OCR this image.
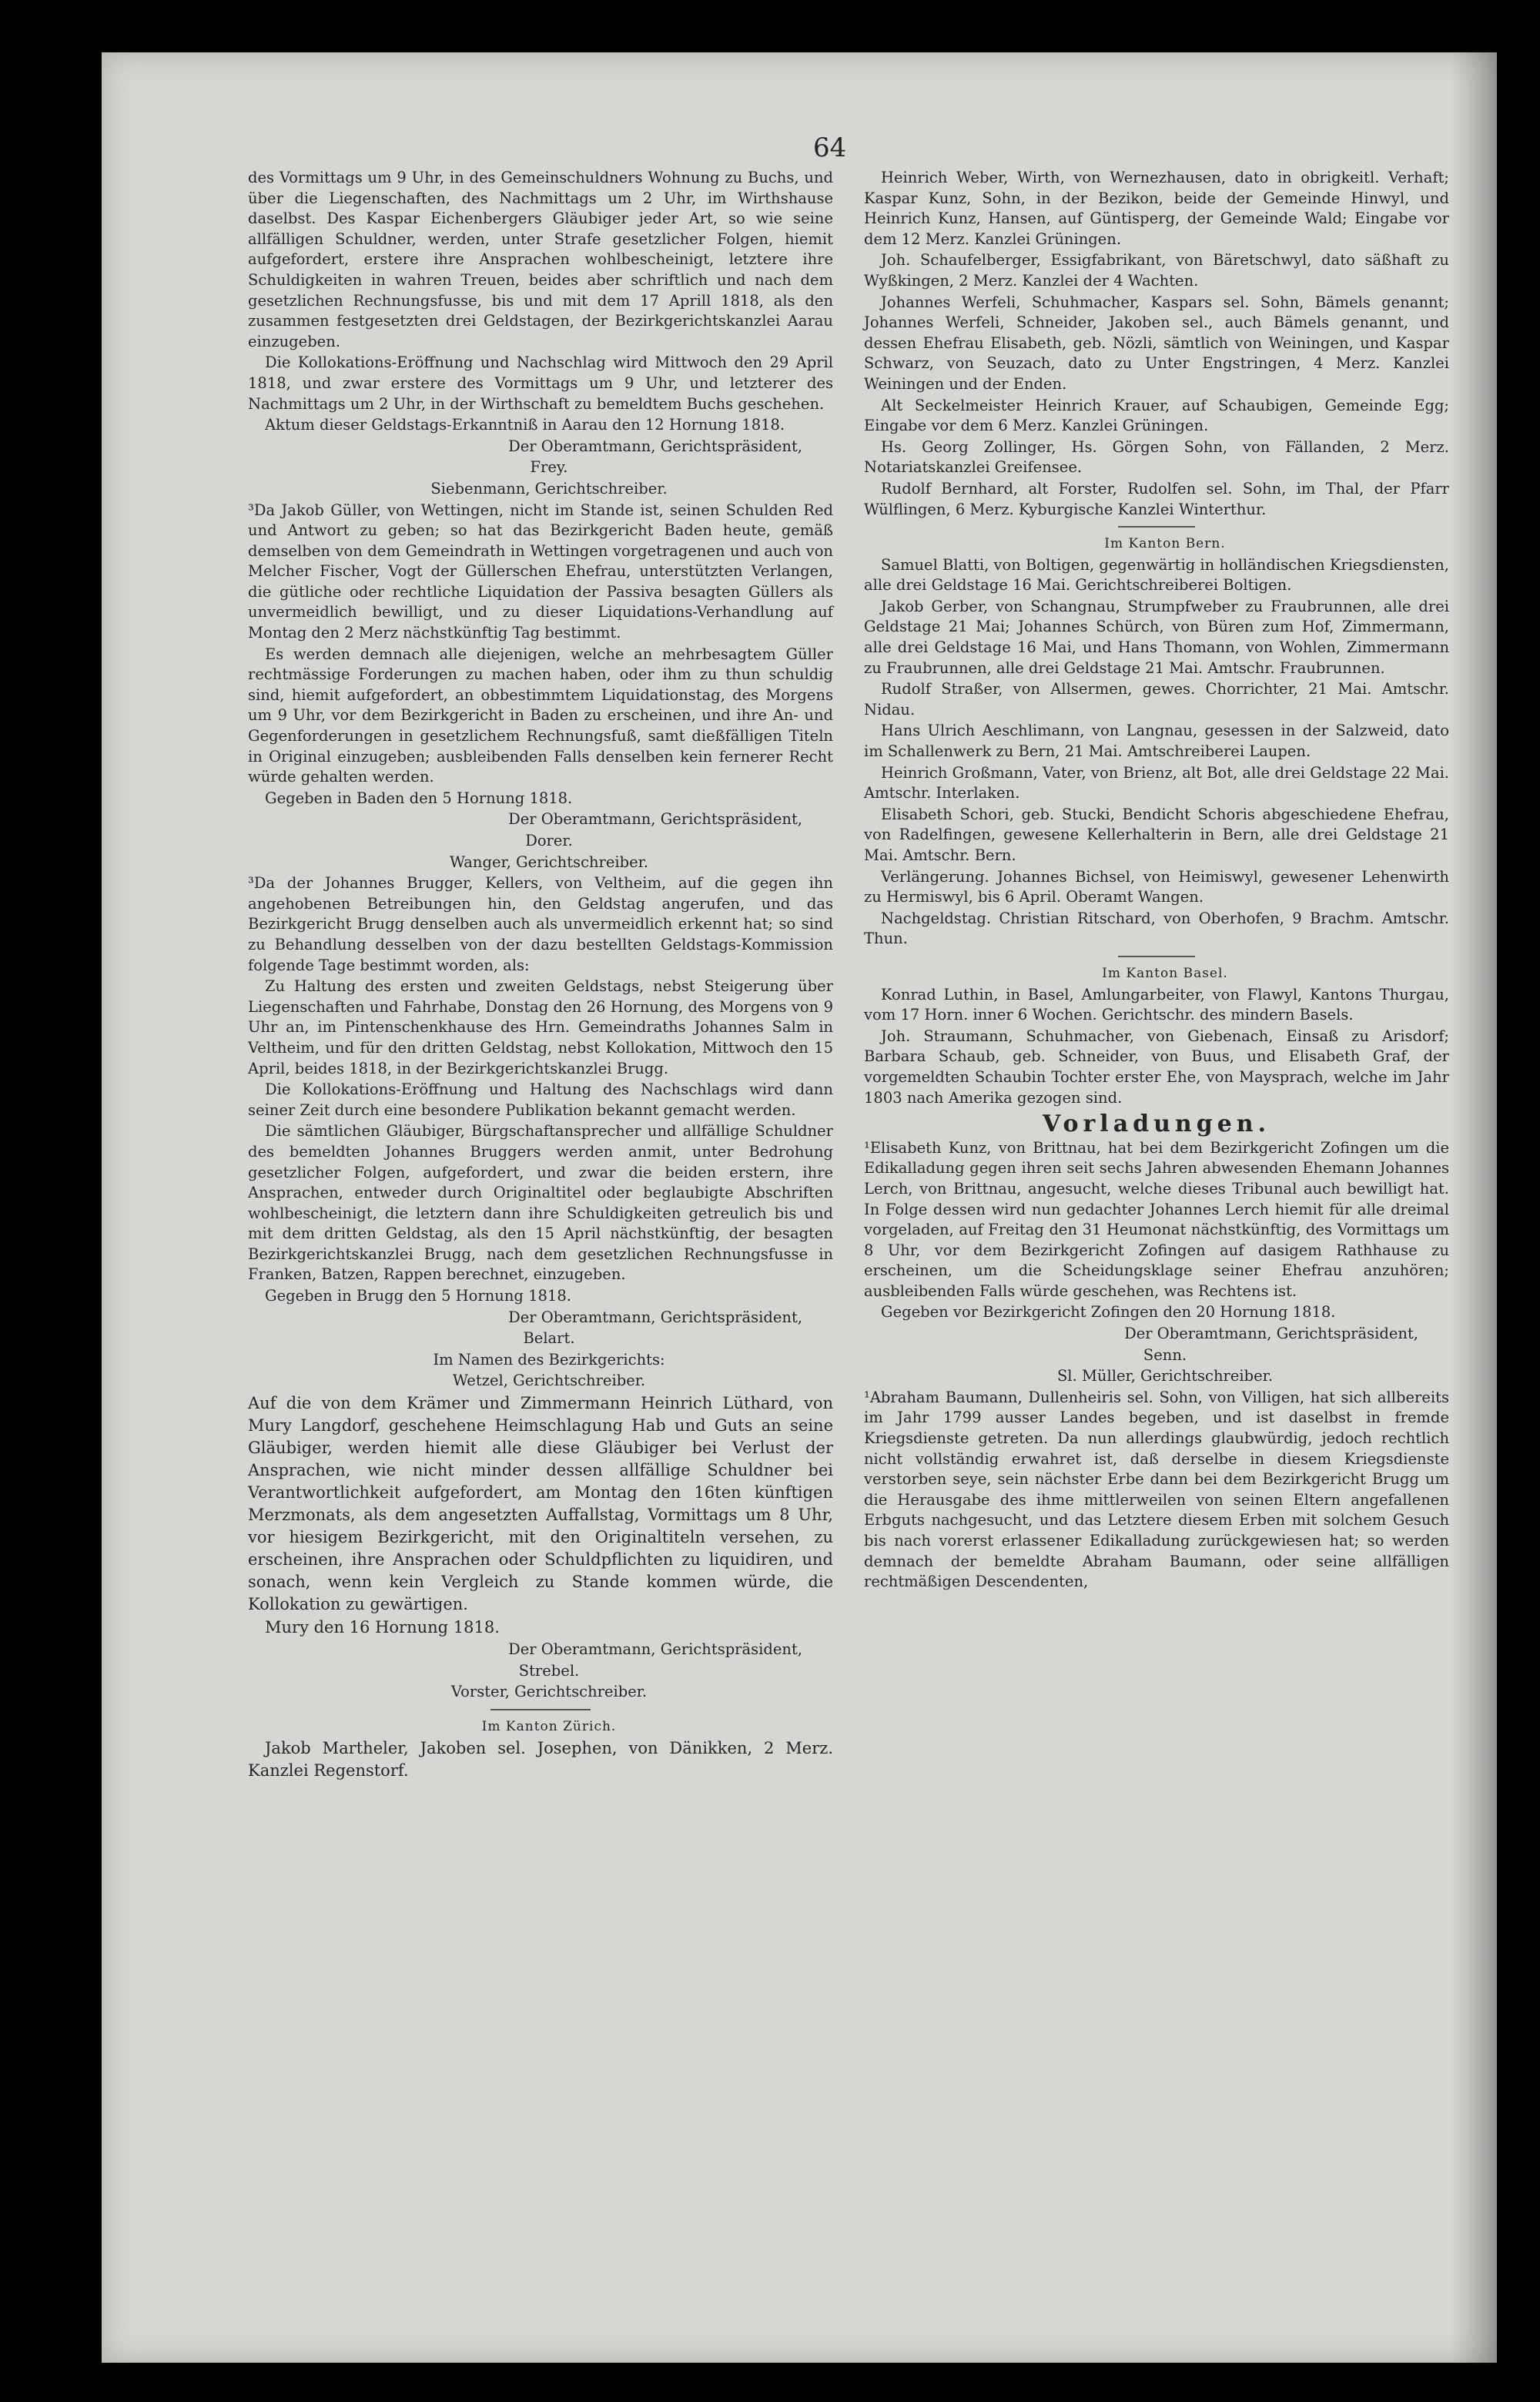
64

des Vormittags um 9 Uhr, in des Gemeinschuldners Wohnung zu Buchs, und über die Liegenschaften, des Nachmittags um 2 Uhr, im Wirthshause daselbst. Des Kaspar Eichenbergers Gläubiger jeder Art, so wie seine allfälligen Schuldner, werden, unter Strafe gesetzlicher Folgen, hiemit aufgefordert, erstere ihre Ansprachen wohlbescheinigt, letztere ihre Schuldigkeiten in wahren Treuen, beides aber schriftlich und nach dem gesetzlichen Rechnungsfusse, bis und mit dem 17 Aprill 1818, als den zusammen festgesetzten drei Geldstagen, der Bezirkgerichtskanzlei Aarau einzugeben.

Die Kollokations-Eröffnung und Nachschlag wird Mittwoch den 29 April 1818, und zwar erstere des Vormittags um 9 Uhr, und letzterer des Nachmittags um 2 Uhr, in der Wirthschaft zu bemeldtem Buchs geschehen.

Aktum dieser Geldstags-Erkanntniß in Aarau den 12 Hornung 1818.

Der Oberamtmann, Gerichtspräsident,

Frey.

Siebenmann, Gerichtschreiber.

³Da Jakob Güller, von Wettingen, nicht im Stande ist, seinen Schulden Red und Antwort zu geben; so hat das Bezirkgericht Baden heute, gemäß demselben von dem Gemeindrath in Wettingen vorgetragenen und auch von Melcher Fischer, Vogt der Güllerschen Ehefrau, unterstützten Verlangen, die gütliche oder rechtliche Liquidation der Passiva besagten Güllers als unvermeidlich bewilligt, und zu dieser Liquidations-Verhandlung auf Montag den 2 Merz nächstkünftig Tag bestimmt.

Es werden demnach alle diejenigen, welche an mehrbesagtem Güller rechtmässige Forderungen zu machen haben, oder ihm zu thun schuldig sind, hiemit aufgefordert, an obbestimmtem Liquidationstag, des Morgens um 9 Uhr, vor dem Bezirkgericht in Baden zu erscheinen, und ihre An- und Gegenforderungen in gesetzlichem Rechnungsfuß, samt dießfälligen Titeln in Original einzugeben; ausbleibenden Falls denselben kein fernerer Recht würde gehalten werden.

Gegeben in Baden den 5 Hornung 1818.

Der Oberamtmann, Gerichtspräsident,

Dorer.

Wanger, Gerichtschreiber.

³Da der Johannes Brugger, Kellers, von Veltheim, auf die gegen ihn angehobenen Betreibungen hin, den Geldstag angerufen, und das Bezirkgericht Brugg denselben auch als unvermeidlich erkennt hat; so sind zu Behandlung desselben von der dazu bestellten Geldstags-Kommission folgende Tage bestimmt worden, als:

Zu Haltung des ersten und zweiten Geldstags, nebst Steigerung über Liegenschaften und Fahrhabe, Donstag den 26 Hornung, des Morgens von 9 Uhr an, im Pintenschenkhause des Hrn. Gemeindraths Johannes Salm in Veltheim, und für den dritten Geldstag, nebst Kollokation, Mittwoch den 15 April, beides 1818, in der Bezirkgerichtskanzlei Brugg.

Die Kollokations-Eröffnung und Haltung des Nachschlags wird dann seiner Zeit durch eine besondere Publikation bekannt gemacht werden.

Die sämtlichen Gläubiger, Bürgschaftansprecher und allfällige Schuldner des bemeldten Johannes Bruggers werden anmit, unter Bedrohung gesetzlicher Folgen, aufgefordert, und zwar die beiden erstern, ihre Ansprachen, entweder durch Originaltitel oder beglaubigte Abschriften wohlbescheinigt, die letztern dann ihre Schuldigkeiten getreulich bis und mit dem dritten Geldstag, als den 15 April nächstkünftig, der besagten Bezirkgerichtskanzlei Brugg, nach dem gesetzlichen Rechnungsfusse in Franken, Batzen, Rappen berechnet, einzugeben.

Gegeben in Brugg den 5 Hornung 1818.

Der Oberamtmann, Gerichtspräsident,

Belart.

Im Namen des Bezirkgerichts:

Wetzel, Gerichtschreiber.

Auf die von dem Krämer und Zimmermann Heinrich Lüthard, von Mury Langdorf, geschehene Heimschlagung Hab und Guts an seine Gläubiger, werden hiemit alle diese Gläubiger bei Verlust der Ansprachen, wie nicht minder dessen allfällige Schuldner bei Verantwortlichkeit aufgefordert, am Montag den 16ten künftigen Merzmonats, als dem angesetzten Auffallstag, Vormittags um 8 Uhr, vor hiesigem Bezirkgericht, mit den Originaltiteln versehen, zu erscheinen, ihre Ansprachen oder Schuldpflichten zu liquidiren, und sonach, wenn kein Vergleich zu Stande kommen würde, die Kollokation zu gewärtigen.

Mury den 16 Hornung 1818.

Der Oberamtmann, Gerichtspräsident,

Strebel.

Vorster, Gerichtschreiber.

Im Kanton Zürich.

Jakob Martheler, Jakoben sel. Josephen, von Dänikken, 2 Merz. Kanzlei Regenstorf.

Heinrich Weber, Wirth, von Wernezhausen, dato in obrigkeitl. Verhaft; Kaspar Kunz, Sohn, in der Bezikon, beide der Gemeinde Hinwyl, und Heinrich Kunz, Hansen, auf Güntisperg, der Gemeinde Wald; Eingabe vor dem 12 Merz. Kanzlei Grüningen.

Joh. Schaufelberger, Essigfabrikant, von Bäretschwyl, dato säßhaft zu Wyßkingen, 2 Merz. Kanzlei der 4 Wachten.

Johannes Werfeli, Schuhmacher, Kaspars sel. Sohn, Bämels genannt; Johannes Werfeli, Schneider, Jakoben sel., auch Bämels genannt, und dessen Ehefrau Elisabeth, geb. Nözli, sämtlich von Weiningen, und Kaspar Schwarz, von Seuzach, dato zu Unter Engstringen, 4 Merz. Kanzlei Weiningen und der Enden.

Alt Seckelmeister Heinrich Krauer, auf Schaubigen, Gemeinde Egg; Eingabe vor dem 6 Merz. Kanzlei Grüningen.

Hs. Georg Zollinger, Hs. Görgen Sohn, von Fällanden, 2 Merz. Notariatskanzlei Greifensee.

Rudolf Bernhard, alt Forster, Rudolfen sel. Sohn, im Thal, der Pfarr Wülflingen, 6 Merz. Kyburgische Kanzlei Winterthur.

Im Kanton Bern.

Samuel Blatti, von Boltigen, gegenwärtig in holländischen Kriegsdiensten, alle drei Geldstage 16 Mai. Gerichtschreiberei Boltigen.

Jakob Gerber, von Schangnau, Strumpfweber zu Fraubrunnen, alle drei Geldstage 21 Mai; Johannes Schürch, von Büren zum Hof, Zimmermann, alle drei Geldstage 16 Mai, und Hans Thomann, von Wohlen, Zimmermann zu Fraubrunnen, alle drei Geldstage 21 Mai. Amtschr. Fraubrunnen.

Rudolf Straßer, von Allsermen, gewes. Chorrichter, 21 Mai. Amtschr. Nidau.

Hans Ulrich Aeschlimann, von Langnau, gesessen in der Salzweid, dato im Schallenwerk zu Bern, 21 Mai. Amtschreiberei Laupen.

Heinrich Großmann, Vater, von Brienz, alt Bot, alle drei Geldstage 22 Mai. Amtschr. Interlaken.

Elisabeth Schori, geb. Stucki, Bendicht Schoris abgeschiedene Ehefrau, von Radelfingen, gewesene Kellerhalterin in Bern, alle drei Geldstage 21 Mai. Amtschr. Bern.

Verlängerung. Johannes Bichsel, von Heimiswyl, gewesener Lehenwirth zu Hermiswyl, bis 6 April. Oberamt Wangen.

Nachgeldstag. Christian Ritschard, von Oberhofen, 9 Brachm. Amtschr. Thun.

Im Kanton Basel.

Konrad Luthin, in Basel, Amlungarbeiter, von Flawyl, Kantons Thurgau, vom 17 Horn. inner 6 Wochen. Gerichtschr. des mindern Basels.

Joh. Straumann, Schuhmacher, von Giebenach, Einsaß zu Arisdorf; Barbara Schaub, geb. Schneider, von Buus, und Elisabeth Graf, der vorgemeldten Schaubin Tochter erster Ehe, von Maysprach, welche im Jahr 1803 nach Amerika gezogen sind.

Vorladungen.

¹Elisabeth Kunz, von Brittnau, hat bei dem Bezirkgericht Zofingen um die Edikalladung gegen ihren seit sechs Jahren abwesenden Ehemann Johannes Lerch, von Brittnau, angesucht, welche dieses Tribunal auch bewilligt hat. In Folge dessen wird nun gedachter Johannes Lerch hiemit für alle dreimal vorgeladen, auf Freitag den 31 Heumonat nächstkünftig, des Vormittags um 8 Uhr, vor dem Bezirkgericht Zofingen auf dasigem Rathhause zu erscheinen, um die Scheidungsklage seiner Ehefrau anzuhören; ausbleibenden Falls würde geschehen, was Rechtens ist.

Gegeben vor Bezirkgericht Zofingen den 20 Hornung 1818.

Der Oberamtmann, Gerichtspräsident,

Senn.

Sl. Müller, Gerichtschreiber.

¹Abraham Baumann, Dullenheiris sel. Sohn, von Villigen, hat sich allbereits im Jahr 1799 ausser Landes begeben, und ist daselbst in fremde Kriegsdienste getreten. Da nun allerdings glaubwürdig, jedoch rechtlich nicht vollständig erwahret ist, daß derselbe in diesem Kriegsdienste verstorben seye, sein nächster Erbe dann bei dem Bezirkgericht Brugg um die Herausgabe des ihme mittlerweilen von seinen Eltern angefallenen Erbguts nachgesucht, und das Letztere diesem Erben mit solchem Gesuch bis nach vorerst erlassener Edikalladung zurückgewiesen hat; so werden demnach der bemeldte Abraham Baumann, oder seine allfälligen rechtmäßigen Descendenten,
